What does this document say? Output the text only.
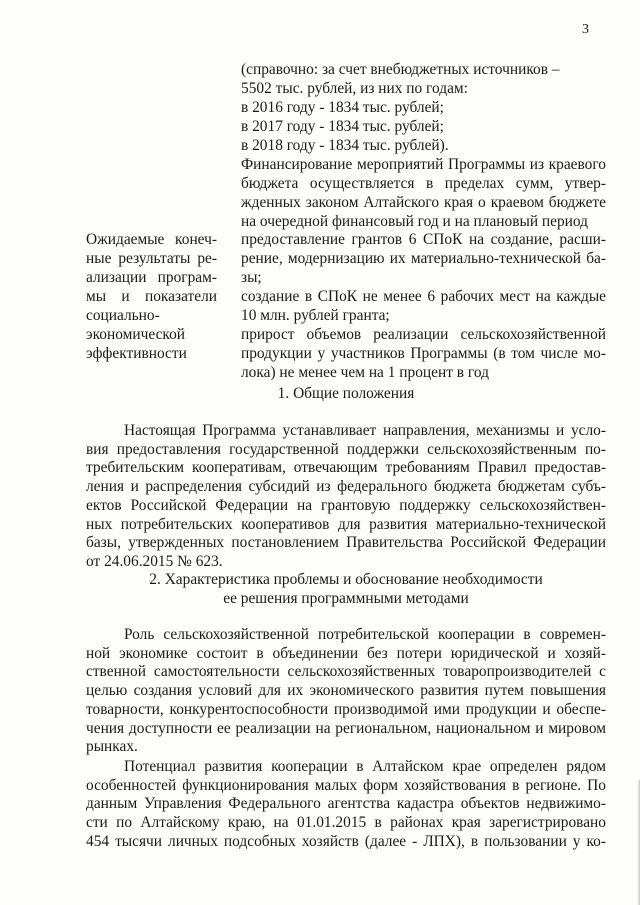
3
(справочно: за счет внебюджетных источников –
5502 тыс. рублей, из них по годам:
в 2016 году - 1834 тыс. рублей;
в 2017 году - 1834 тыс. рублей;
в 2018 году - 1834 тыс. рублей).
Финансирование мероприятий Программы из краевого
бюджета осуществляется в пределах сумм, утвер-
жденных законом Алтайского края о краевом бюджете
на очередной финансовый год и на плановый период
Ожидаемые конеч-
ные результаты ре-
ализации програм-
мы и показатели
социально-
экономической
эффективности
предоставление грантов 6 СПоК на создание, расши-
рение, модернизацию их материально-технической ба-
зы;
создание в СПоК не менее 6 рабочих мест на каждые
10 млн. рублей гранта;
прирост объемов реализации сельскохозяйственной
продукции у участников Программы (в том числе мо-
лока) не менее чем на 1 процент в год
1. Общие положения
Настоящая Программа устанавливает направления, механизмы и усло-
вия предоставления государственной поддержки сельскохозяйственным по-
требительским кооперативам, отвечающим требованиям Правил предостав-
ления и распределения субсидий из федерального бюджета бюджетам субъ-
ектов Российской Федерации на грантовую поддержку сельскохозяйствен-
ных потребительских кооперативов для развития материально-технической
базы, утвержденных постановлением Правительства Российской Федерации
от 24.06.2015 № 623.
2. Характеристика проблемы и обоснование необходимости
ее решения программными методами
Роль сельскохозяйственной потребительской кооперации в современ-
ной экономике состоит в объединении без потери юридической и хозяй-
ственной самостоятельности сельскохозяйственных товаропроизводителей с
целью создания условий для их экономического развития путем повышения
товарности, конкурентоспособности производимой ими продукции и обеспе-
чения доступности ее реализации на региональном, национальном и мировом
рынках.
Потенциал развития кооперации в Алтайском крае определен рядом
особенностей функционирования малых форм хозяйствования в регионе. По
данным Управления Федерального агентства кадастра объектов недвижимо-
сти по Алтайскому краю, на 01.01.2015 в районах края зарегистрировано
454 тысячи личных подсобных хозяйств (далее - ЛПХ), в пользовании у ко-
